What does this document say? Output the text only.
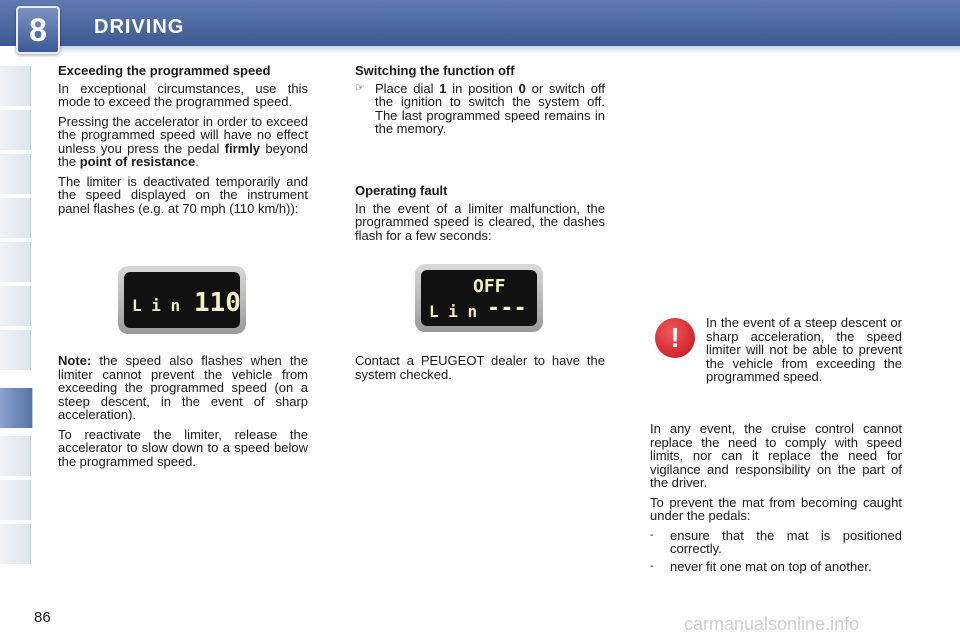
8 DRIVING

Exceeding the programmed speed

In exceptional circumstances, use this mode to exceed the programmed speed.

Pressing the accelerator in order to exceed the programmed speed will have no effect unless you press the pedal firmly beyond the point of resistance.

The limiter is deactivated temporarily and the speed displayed on the instrument panel flashes (e.g. at 70 mph (110 km/h)):

L i n 110

Note: the speed also flashes when the limiter cannot prevent the vehicle from exceeding the programmed speed (on a steep descent, in the event of sharp acceleration).

To reactivate the limiter, release the accelerator to slow down to a speed below the programmed speed.

Switching the function off

☞ Place dial 1 in position 0 or switch off the ignition to switch the system off. The last programmed speed remains in the memory.

Operating fault

In the event of a limiter malfunction, the programmed speed is cleared, the dashes flash for a few seconds:

OFF
L i n ---

Contact a PEUGEOT dealer to have the system checked.

!	In the event of a steep descent or sharp acceleration, the speed limiter will not be able to prevent the vehicle from exceeding the programmed speed.

In any event, the cruise control cannot replace the need to comply with speed limits, nor can it replace the need for vigilance and responsibility on the part of the driver.

To prevent the mat from becoming caught under the pedals:

-	ensure that the mat is positioned correctly.

-	never fit one mat on top of another.

86	carmanualsonline.info
